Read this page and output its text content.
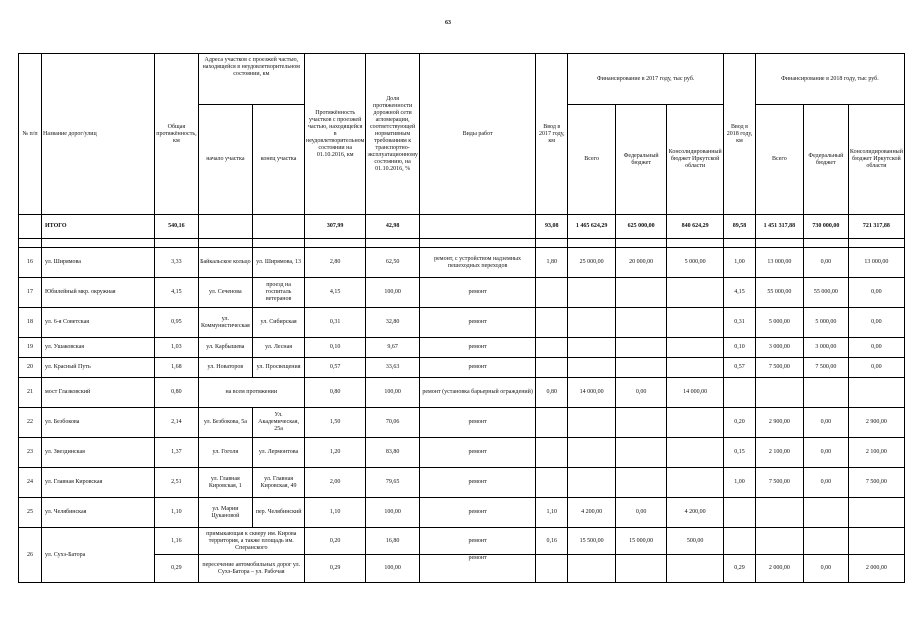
63
№ п/п	Название дорог/улиц	Общая протяжённость, км	Адреса участков с проезжей частью, находящейся в неудовлетворительном состоянии, км		Протяжённость участков с проезжей частью, находящейся в неудовлетворительном состоянии на 01.10.2016, км	Доля протяженности дорожной сети агломерации, соответствующей нормативным требованиям к транспортно-эксплуатационному состоянию, на 01.10.2016, %	Виды работ	Ввод в 2017 году, км	Финансирование в 2017 году, тыс руб.			Ввод в 2018 году, км	Финансирование в 2018 году, тыс руб.		
			начало участка	конец участка					Всего	Федеральный бюджет	Консолидированный бюджет Иркутской области		Всего	Федеральный бюджет	Консолидированный бюджет Иркутской области
	ИТОГО	540,16			307,99	42,98		93,08	1 465 624,29	625 000,00	840 624,29	89,58	1 451 317,88	730 000,00	721 317,88

16	ул. Ширямова	3,33	Байкальское кольцо	ул. Ширямова, 13	2,80	62,50	ремонт, с устройством надземных пешеходных переходов	1,80	25 000,00	20 000,00	5 000,00	1,00	13 000,00	0,00	13 000,00
17	Юбилейный мкр. окружная	4,15	ул. Сеченова	проезд на госпиталь ветеранов	4,15	100,00	ремонт					4,15	55 000,00	55 000,00	0,00
18	ул. 6-я Советская	0,95	ул. Коммунистическая	ул. Сибирская	0,31	32,80	ремонт					0,31	5 000,00	5 000,00	0,00
19	ул. Ушаковская	1,03	ул. Карбышева	ул. Лесная	0,10	9,67	ремонт					0,10	3 000,00	3 000,00	0,00
20	ул. Красный Путь	1,68	ул. Новаторов	ул. Просвещения	0,57	33,63	ремонт					0,57	7 500,00	7 500,00	0,00
21	мост Глазковский	0,80	на всем протяжении		0,80	100,00	ремонт (установка барьерный ограждений)	0,80	14 000,00	0,00	14 000,00				
22	ул. Безбокова	2,14	ул. Безбокова, 5а	Ул. Академическая, 25а	1,50	70,06	ремонт					0,20	2 900,00	0,00	2 900,00
23	ул. Звездинская	1,37	ул. Гоголя	ул. Лермонтова	1,20	83,80	ремонт					0,15	2 100,00	0,00	2 100,00
24	ул. Главная Кировская	2,51	ул. Главная Кировская, 1	ул. Главная Кировская, 49	2,00	79,65	ремонт					1,00	7 500,00	0,00	7 500,00
25	ул. Челябинская	1,10	ул. Марии Цукановой	пер. Челябинский	1,10	100,00	ремонт	1,10	4 200,00	0,00	4 200,00				
26	ул. Сухэ-Батора	1,16	примыкающая к скверу им. Кирова территория, а также площадь им. Сперанского		0,20	16,80	ремонт	0,16	15 500,00	15 000,00	500,00				
		0,29	пересечение автомобильных дорог ул. Сухэ-Батора – ул. Рабочая		0,29	100,00	ремонт					0,29	2 000,00	0,00	2 000,00
